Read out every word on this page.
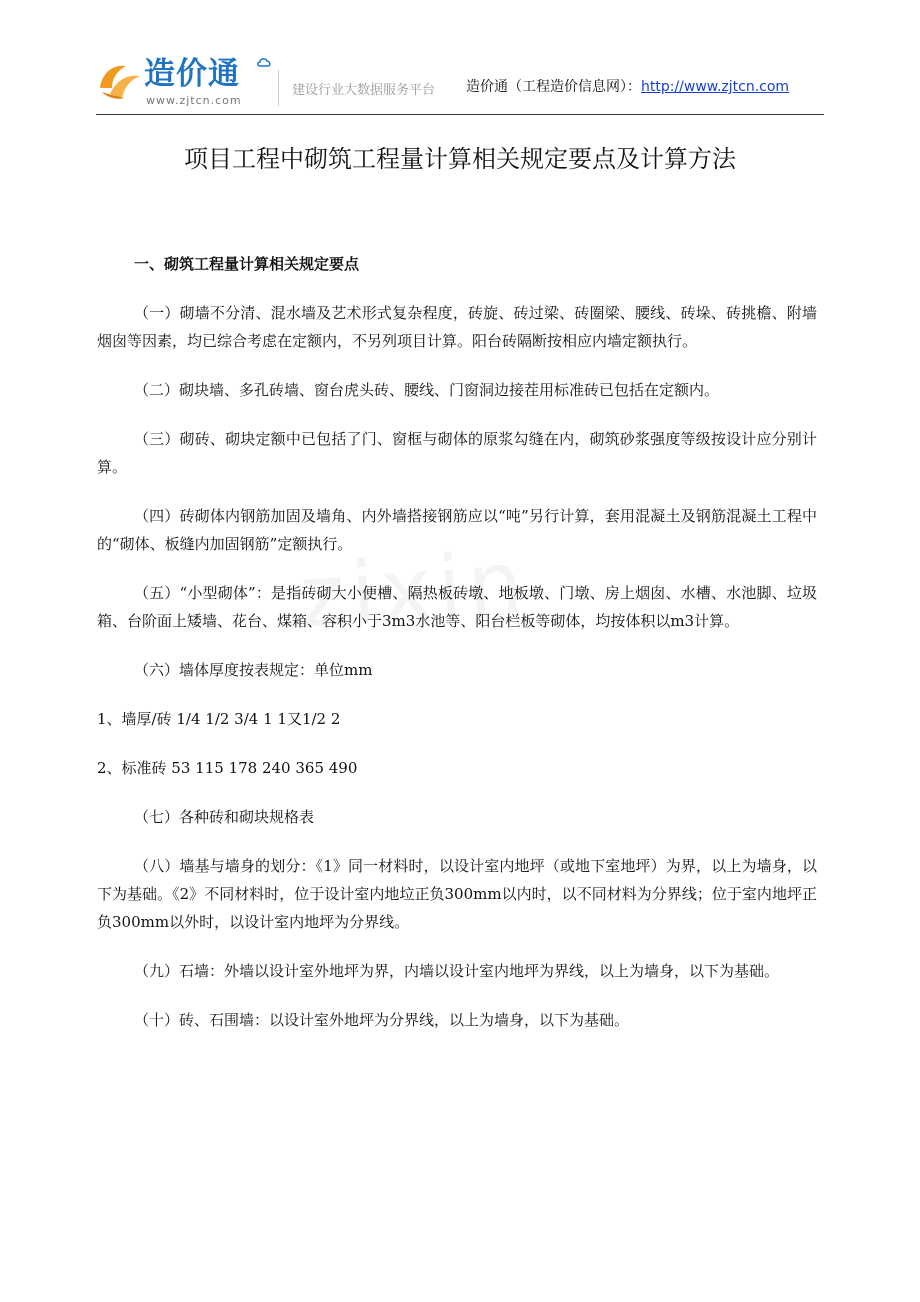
造价通
www.zjtcn.com
建设行业大数据服务平台 造价通（工程造价信息网）：http://www.zjtcn.com
项目工程中砌筑工程量计算相关规定要点及计算方法
一、砌筑工程量计算相关规定要点

（一）砌墙不分清、混水墙及艺术形式复杂程度，砖旋、砖过梁、砖圈梁、腰线、砖垛、砖挑檐、附墙烟囱等因素，均已综合考虑在定额内，不另列项目计算。阳台砖隔断按相应内墙定额执行。

（二）砌块墙、多孔砖墙、窗台虎头砖、腰线、门窗洞边接茬用标准砖已包括在定额内。

（三）砌砖、砌块定额中已包括了门、窗框与砌体的原浆勾缝在内，砌筑砂浆强度等级按设计应分别计算。

（四）砖砌体内钢筋加固及墙角、内外墙搭接钢筋应以“吨”另行计算，套用混凝土及钢筋混凝土工程中的“砌体、板缝内加固钢筋”定额执行。

（五）“小型砌体”：是指砖砌大小便槽、隔热板砖墩、地板墩、门墩、房上烟囱、水槽、水池脚、垃圾箱、台阶面上矮墙、花台、煤箱、容积小于3m3水池等、阳台栏板等砌体，均按体积以m3计算。

（六）墙体厚度按表规定：单位mm

1、墙厚/砖 1/4 1/2 3/4 1 1又1/2 2

2、标准砖 53 115 178 240 365 490

（七）各种砖和砌块规格表

（八）墙基与墙身的划分：《1》同一材料时，以设计室内地坪（或地下室地坪）为界，以上为墙身，以下为基础。《2》不同材料时，位于设计室内地垃正负300mm以内时，以不同材料为分界线；位于室内地坪正负300mm以外时，以设计室内地坪为分界线。

（九）石墙：外墙以设计室外地坪为界，内墙以设计室内地坪为界线，以上为墙身，以下为基础。

（十）砖、石围墙：以设计室外地坪为分界线，以上为墙身，以下为基础。
